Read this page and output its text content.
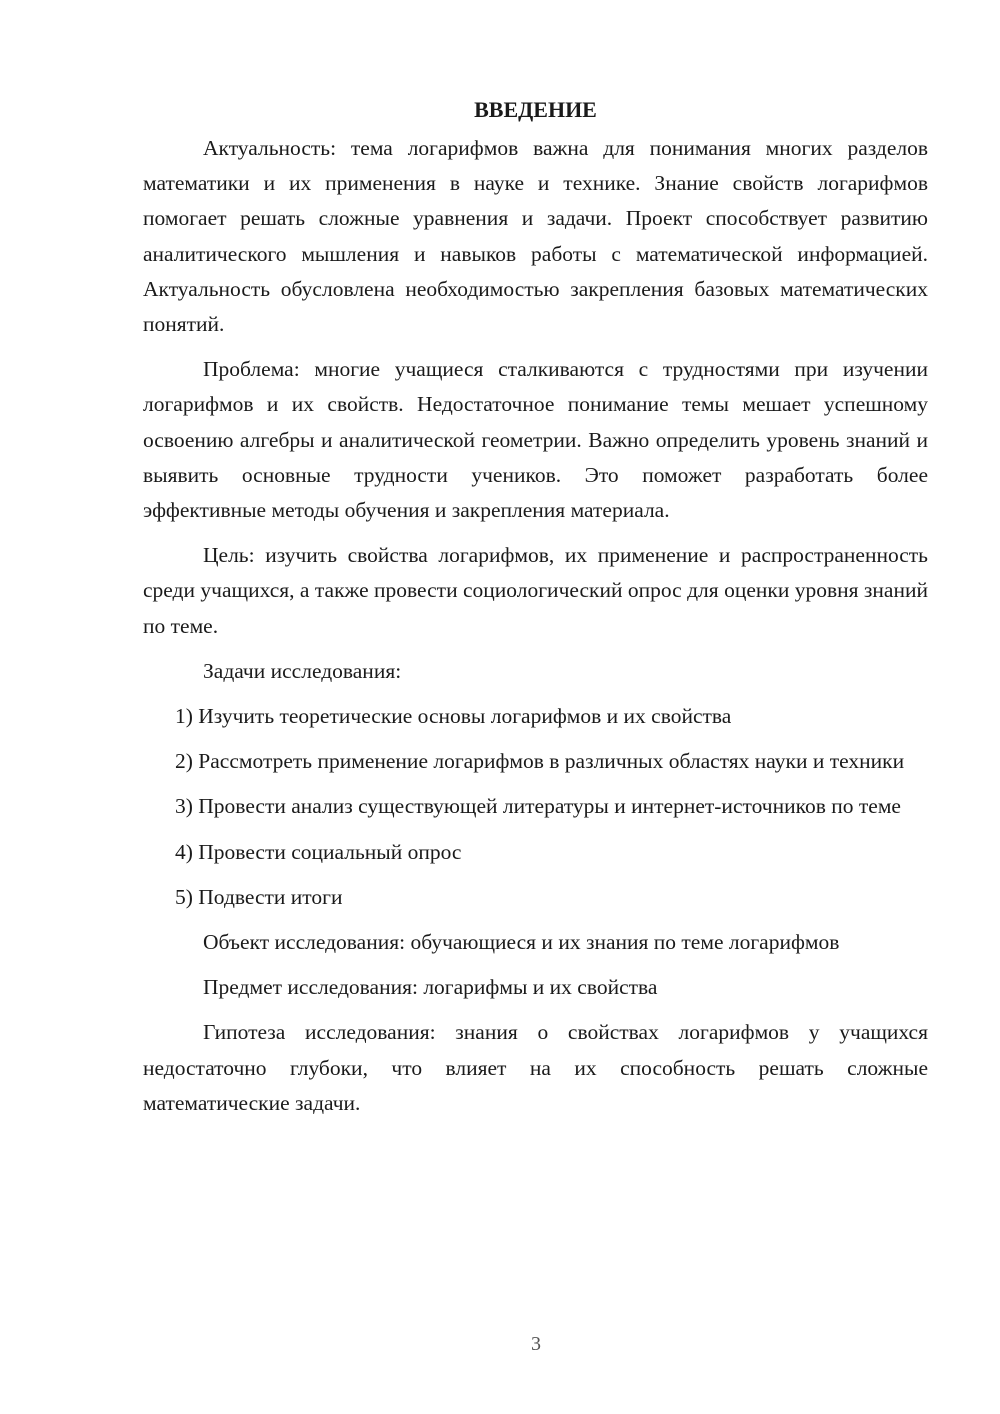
ВВЕДЕНИЕ

Актуальность: тема логарифмов важна для понимания многих разделов математики и их применения в науке и технике. Знание свойств логарифмов помогает решать сложные уравнения и задачи. Проект способствует развитию аналитического мышления и навыков работы с математической информацией. Актуальность обусловлена необходимостью закрепления базовых математических понятий.

Проблема: многие учащиеся сталкиваются с трудностями при изучении логарифмов и их свойств. Недостаточное понимание темы мешает успешному освоению алгебры и аналитической геометрии. Важно определить уровень знаний и выявить основные трудности учеников. Это поможет разработать более эффективные методы обучения и закрепления материала.

Цель: изучить свойства логарифмов, их применение и распространенность среди учащихся, а также провести социологический опрос для оценки уровня знаний по теме.

Задачи исследования:

1) Изучить теоретические основы логарифмов и их свойства

2) Рассмотреть применение логарифмов в различных областях науки и техники

3) Провести анализ существующей литературы и интернет-источников по теме

4) Провести социальный опрос

5) Подвести итоги

Объект исследования: обучающиеся и их знания по теме логарифмов

Предмет исследования: логарифмы и их свойства

Гипотеза исследования: знания о свойствах логарифмов у учащихся недостаточно глубоки, что влияет на их способность решать сложные математические задачи.

3
